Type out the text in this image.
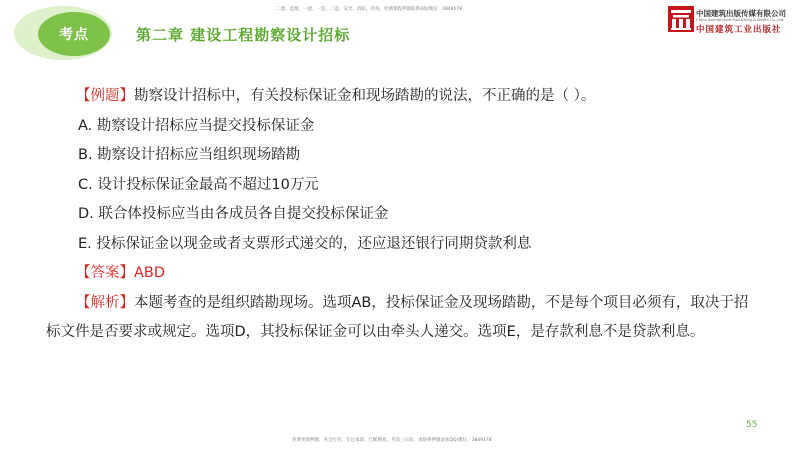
考点	第二章 建设工程勘察设计招标
二建、监理、一建、一造、二造、安全、消防、咨询、检测课程押题联系QQ/微信：3849178	中国建筑出版传媒有限公司
China Architecture Publishing & Media Co.,Ltd.
中国建筑工业出版社
【例题】勘察设计招标中，有关投标保证金和现场踏勘的说法，不正确的是（ ）。
A. 勘察设计招标应当提交投标保证金
B. 勘察设计招标应当组织现场踏勘
C. 设计投标保证金最高不超过10万元
D. 联合体投标应当由各成员各自提交投标保证金
E. 投标保证金以现金或者支票形式递交的，还应退还银行同期贷款利息
【答案】ABD
【解析】本题考查的是组织踏勘现场。选项AB，投标保证金及现场踏勘，不是每个项目必须有，取决于招标文件是否要求或规定。选项D，其投标保证金可以由牵头人递交。选项E，是存款利息不是贷款利息。
55
免费更新押题，名全打折，专注承诺，已配精准，考前三日前，请联系押题添加QQ/微信：3849178
